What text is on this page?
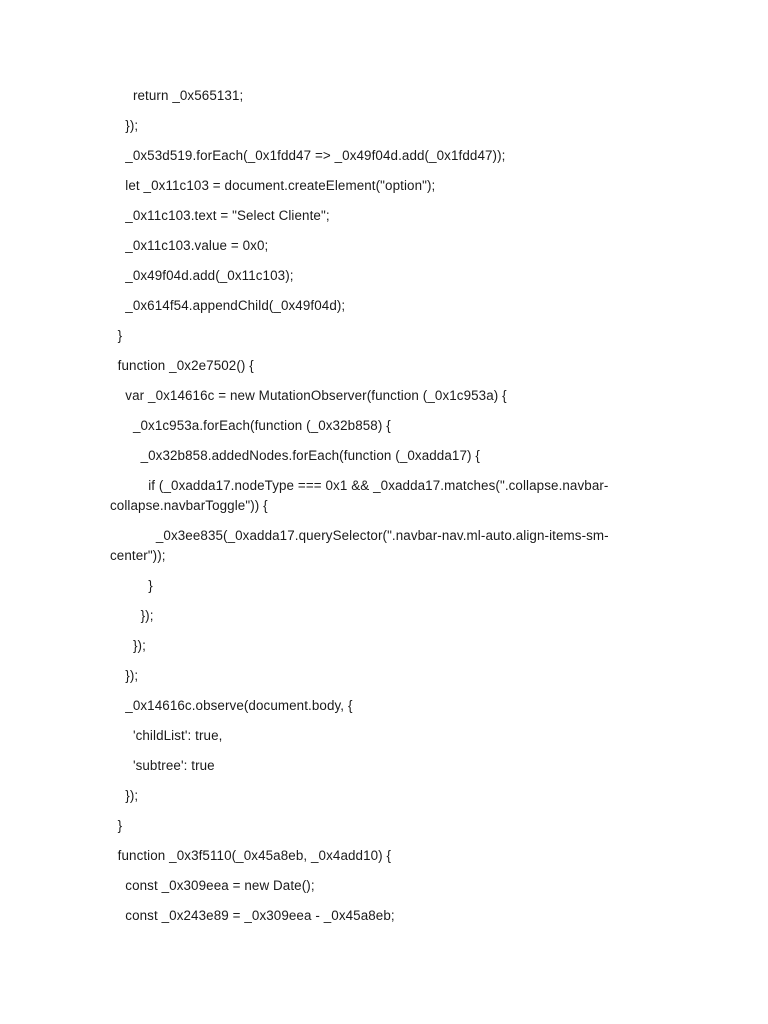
return _0x565131;

});

_0x53d519.forEach(_0x1fdd47 => _0x49f04d.add(_0x1fdd47));

let _0x11c103 = document.createElement("option");

_0x11c103.text = "Select Cliente";

_0x11c103.value = 0x0;

_0x49f04d.add(_0x11c103);

_0x614f54.appendChild(_0x49f04d);

}

function _0x2e7502() {

var _0x14616c = new MutationObserver(function (_0x1c953a) {

_0x1c953a.forEach(function (_0x32b858) {

_0x32b858.addedNodes.forEach(function (_0xadda17) {

if (_0xadda17.nodeType === 0x1 && _0xadda17.matches(".collapse.navbar-collapse.navbarToggle")) {

_0x3ee835(_0xadda17.querySelector(".navbar-nav.ml-auto.align-items-sm-center"));

}

});

});

});

_0x14616c.observe(document.body, {

'childList': true,

'subtree': true

});

}

function _0x3f5110(_0x45a8eb, _0x4add10) {

const _0x309eea = new Date();

const _0x243e89 = _0x309eea - _0x45a8eb;
